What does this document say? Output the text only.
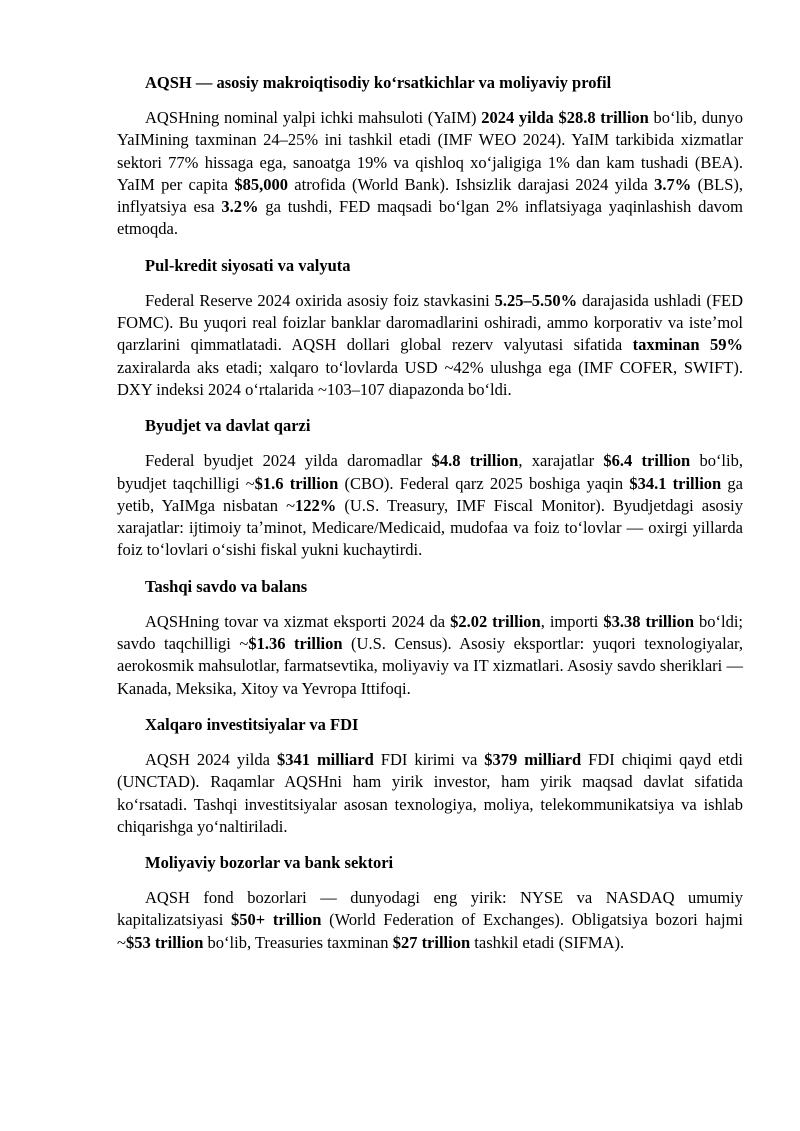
AQSH — asosiy makroiqtisodiy koʻrsatkichlar va moliyaviy profil

AQSHning nominal yalpi ichki mahsuloti (YaIM) 2024 yilda $28.8 trillion boʻlib, dunyo YaIMining taxminan 24–25% ini tashkil etadi (IMF WEO 2024). YaIM tarkibida xizmatlar sektori 77% hissaga ega, sanoatga 19% va qishloq xoʻjaligiga 1% dan kam tushadi (BEA). YaIM per capita $85,000 atrofida (World Bank). Ishsizlik darajasi 2024 yilda 3.7% (BLS), inflyatsiya esa 3.2% ga tushdi, FED maqsadi boʻlgan 2% inflatsiyaga yaqinlashish davom etmoqda.

Pul-kredit siyosati va valyuta

Federal Reserve 2024 oxirida asosiy foiz stavkasini 5.25–5.50% darajasida ushladi (FED FOMC). Bu yuqori real foizlar banklar daromadlarini oshiradi, ammo korporativ va isteʼmol qarzlarini qimmatlatadi. AQSH dollari global rezerv valyutasi sifatida taxminan 59% zaxiralarda aks etadi; xalqaro toʻlovlarda USD ~42% ulushga ega (IMF COFER, SWIFT). DXY indeksi 2024 oʻrtalarida ~103–107 diapazonda boʻldi.

Byudjet va davlat qarzi

Federal byudjet 2024 yilda daromadlar $4.8 trillion, xarajatlar $6.4 trillion boʻlib, byudjet taqchilligi ~$1.6 trillion (CBO). Federal qarz 2025 boshiga yaqin $34.1 trillion ga yetib, YaIMga nisbatan ~122% (U.S. Treasury, IMF Fiscal Monitor). Byudjetdagi asosiy xarajatlar: ijtimoiy taʼminot, Medicare/Medicaid, mudofaa va foiz toʻlovlar — oxirgi yillarda foiz toʻlovlari oʻsishi fiskal yukni kuchaytirdi.

Tashqi savdo va balans

AQSHning tovar va xizmat eksporti 2024 da $2.02 trillion, importi $3.38 trillion boʻldi; savdo taqchilligi ~$1.36 trillion (U.S. Census). Asosiy eksportlar: yuqori texnologiyalar, aerokosmik mahsulotlar, farmatsevtika, moliyaviy va IT xizmatlari. Asosiy savdo sheriklari — Kanada, Meksika, Xitoy va Yevropa Ittifoqi.

Xalqaro investitsiyalar va FDI

AQSH 2024 yilda $341 milliard FDI kirimi va $379 milliard FDI chiqimi qayd etdi (UNCTAD). Raqamlar AQSHni ham yirik investor, ham yirik maqsad davlat sifatida koʻrsatadi. Tashqi investitsiyalar asosan texnologiya, moliya, telekommunikatsiya va ishlab chiqarishga yoʻnaltiriladi.

Moliyaviy bozorlar va bank sektori

AQSH fond bozorlari — dunyodagi eng yirik: NYSE va NASDAQ umumiy kapitalizatsiyasi $50+ trillion (World Federation of Exchanges). Obligatsiya bozori hajmi ~$53 trillion boʻlib, Treasuries taxminan $27 trillion tashkil etadi (SIFMA).
